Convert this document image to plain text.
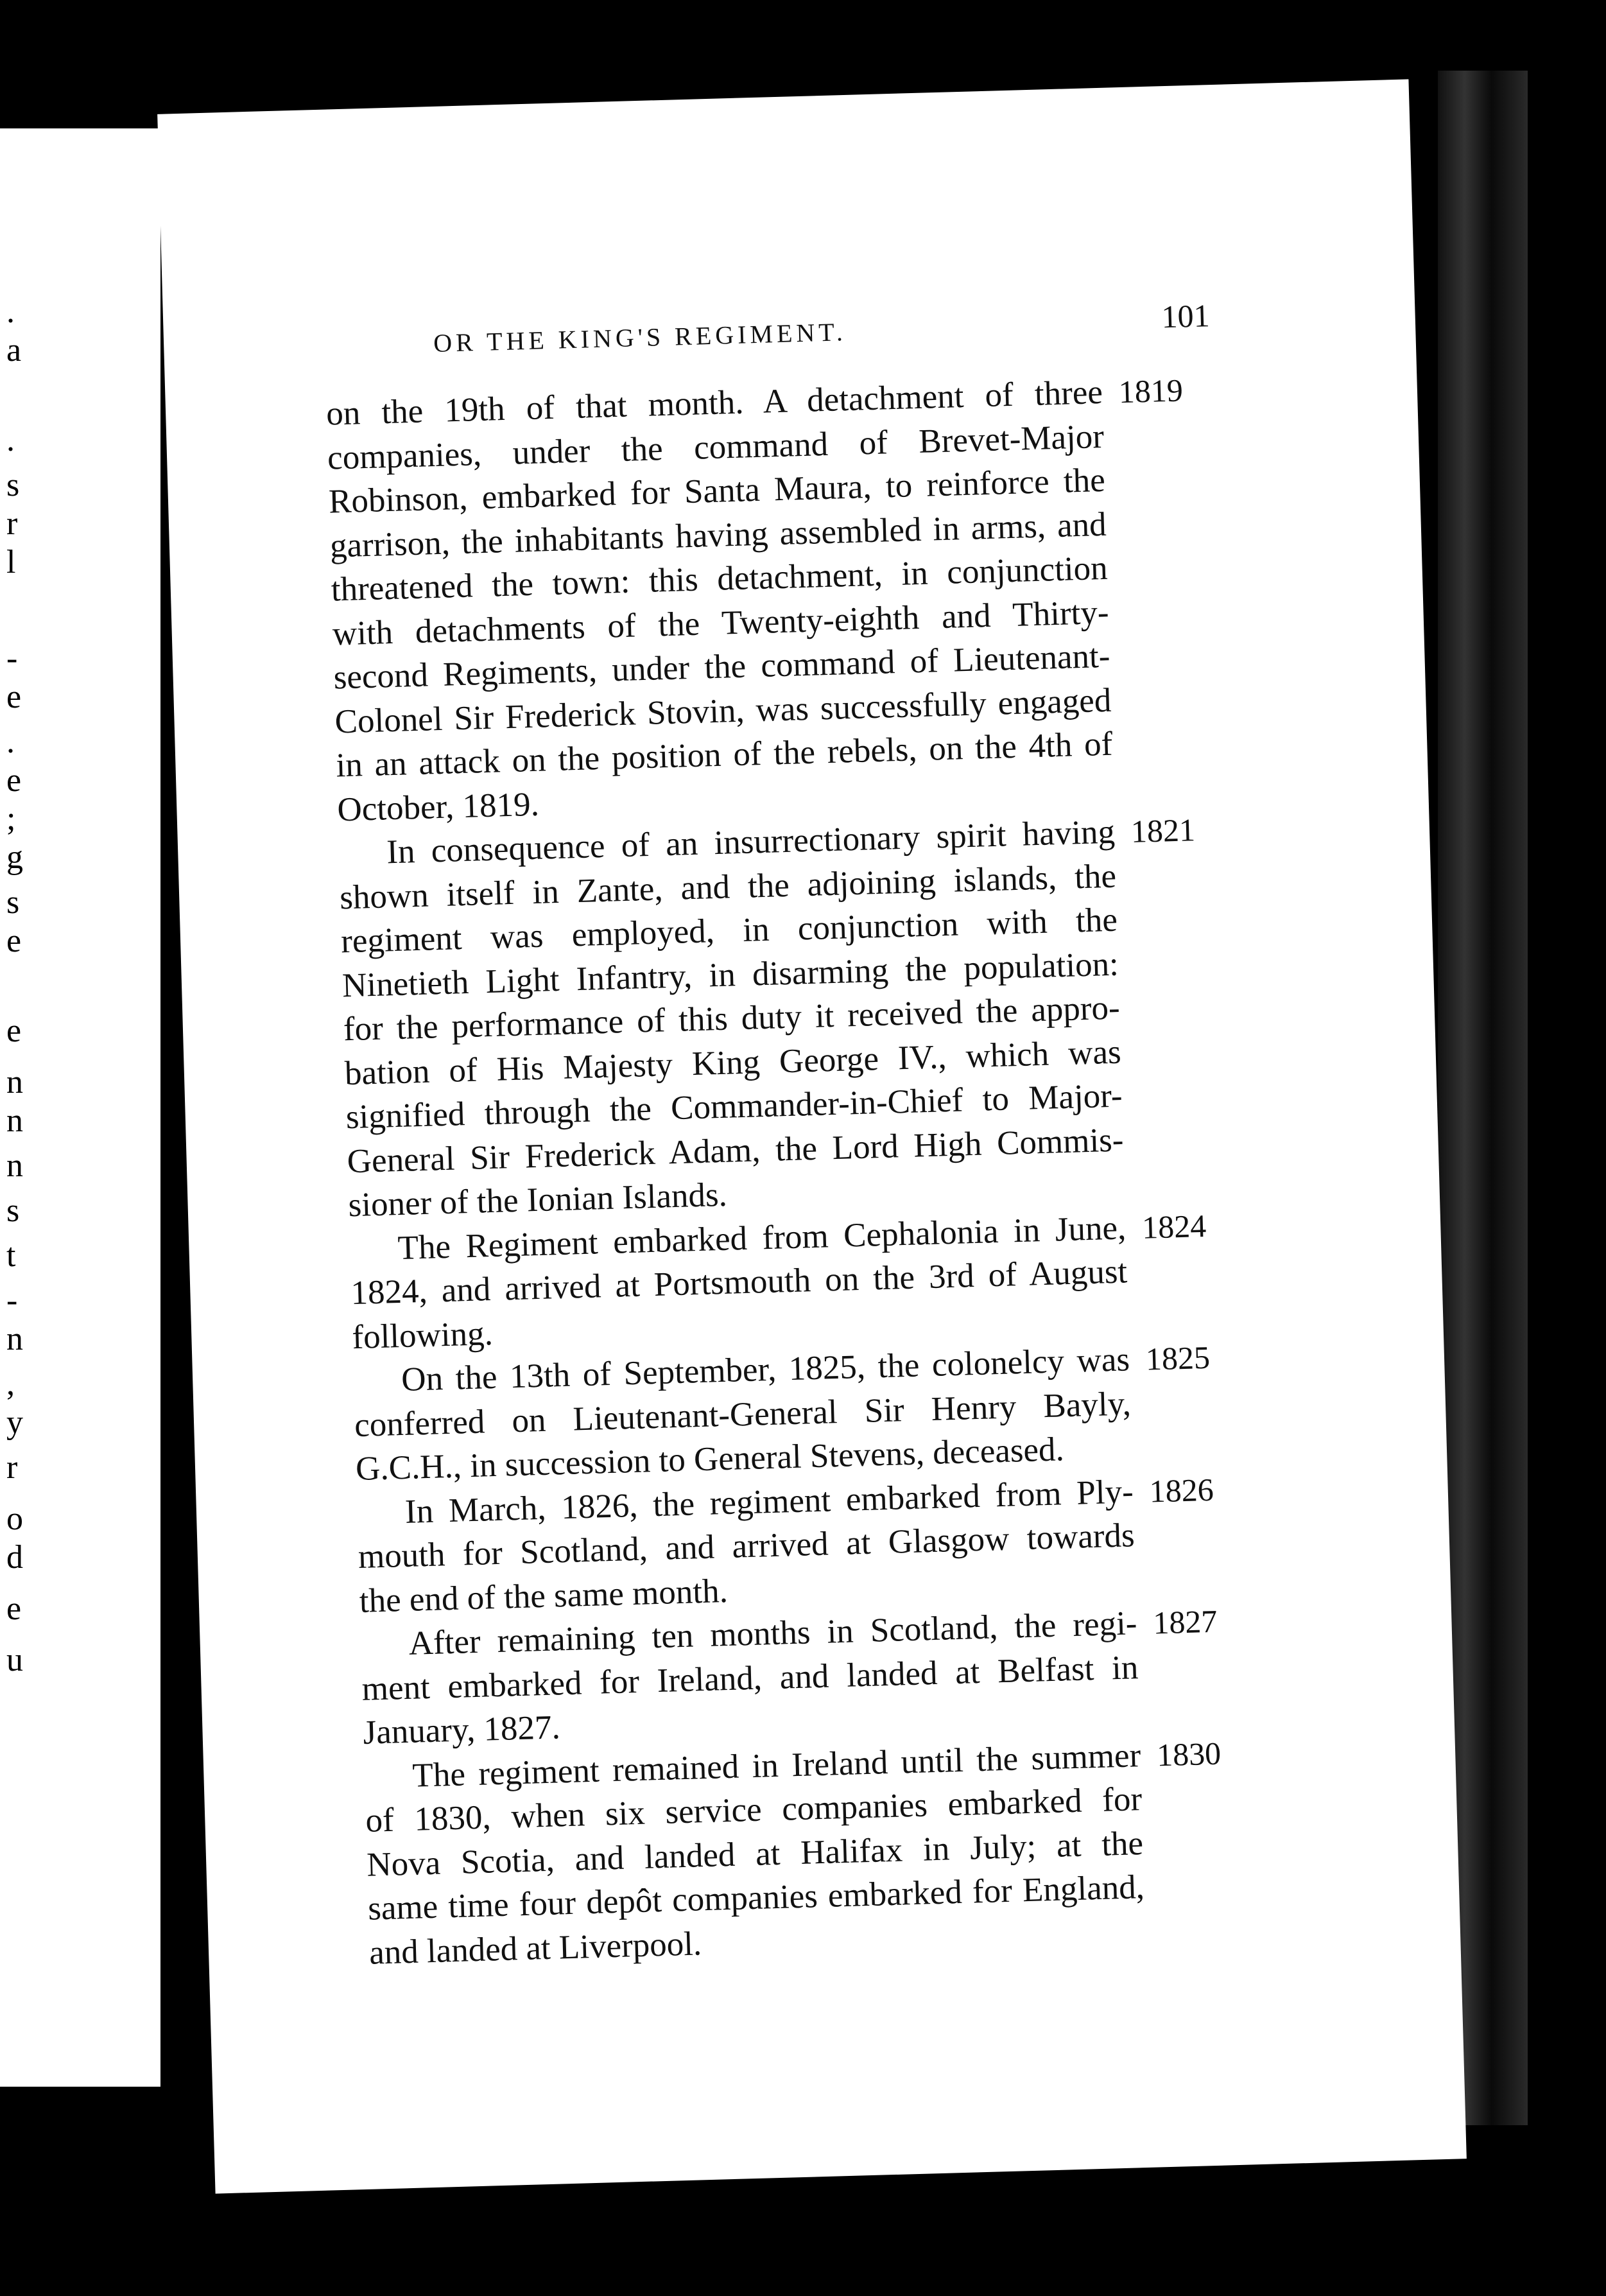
.
a
.
s
r
l
-
e
.
e
;
g
s
e
e
n
n
n
s
t
-
n
,
y
r
o
d
e
u
OR THE KING'S REGIMENT.
101
on the 19th of that month. A detachment of three 1819
companies, under the command of Brevet-Major
Robinson, embarked for Santa Maura, to reinforce the
garrison, the inhabitants having assembled in arms, and
threatened the town: this detachment, in conjunction
with detachments of the Twenty-eighth and Thirty-
second Regiments, under the command of Lieutenant-
Colonel Sir Frederick Stovin, was successfully engaged
in an attack on the position of the rebels, on the 4th of
October, 1819.
In consequence of an insurrectionary spirit having 1821
shown itself in Zante, and the adjoining islands, the
regiment was employed, in conjunction with the
Ninetieth Light Infantry, in disarming the population:
for the performance of this duty it received the appro-
bation of His Majesty King George IV., which was
signified through the Commander-in-Chief to Major-
General Sir Frederick Adam, the Lord High Commis-
sioner of the Ionian Islands.
The Regiment embarked from Cephalonia in June, 1824
1824, and arrived at Portsmouth on the 3rd of August
following.
On the 13th of September, 1825, the colonelcy was 1825
conferred on Lieutenant-General Sir Henry Bayly,
G.C.H., in succession to General Stevens, deceased.
In March, 1826, the regiment embarked from Ply- 1826
mouth for Scotland, and arrived at Glasgow towards
the end of the same month.
After remaining ten months in Scotland, the regi- 1827
ment embarked for Ireland, and landed at Belfast in
January, 1827.
The regiment remained in Ireland until the summer 1830
of 1830, when six service companies embarked for
Nova Scotia, and landed at Halifax in July; at the
same time four depôt companies embarked for England,
and landed at Liverpool.
